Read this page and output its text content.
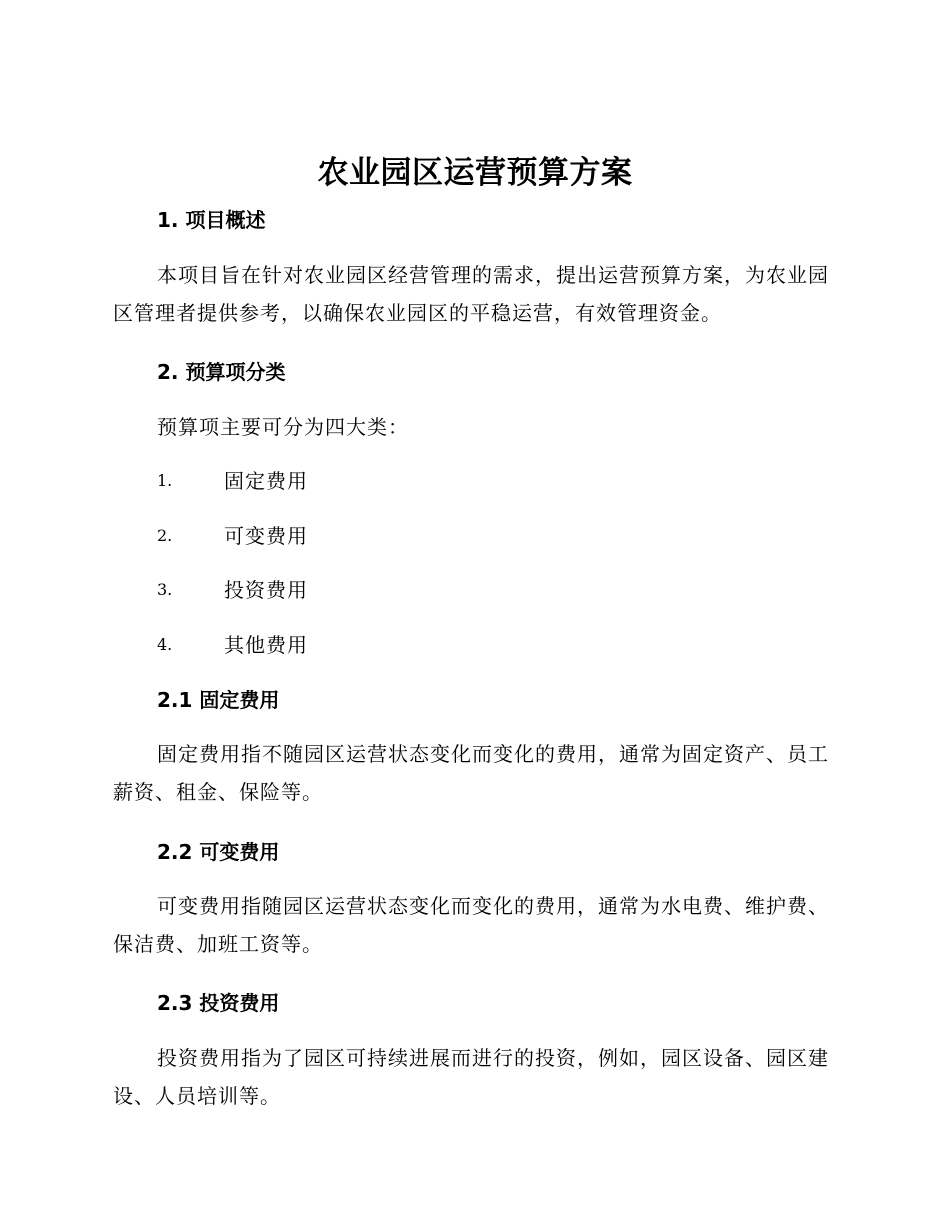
农业园区运营预算方案
1. 项目概述

本项目旨在针对农业园区经营管理的需求，提出运营预算方案，为农业园区管理者提供参考，以确保农业园区的平稳运营，有效管理资金。

2. 预算项分类

预算项主要可分为四大类：

1.	固定费用
2.	可变费用
3.	投资费用
4.	其他费用
2.1 固定费用

固定费用指不随园区运营状态变化而变化的费用，通常为固定资产、员工薪资、租金、保险等。

2.2 可变费用

可变费用指随园区运营状态变化而变化的费用，通常为水电费、维护费、保洁费、加班工资等。

2.3 投资费用

投资费用指为了园区可持续进展而进行的投资，例如，园区设备、园区建设、人员培训等。
